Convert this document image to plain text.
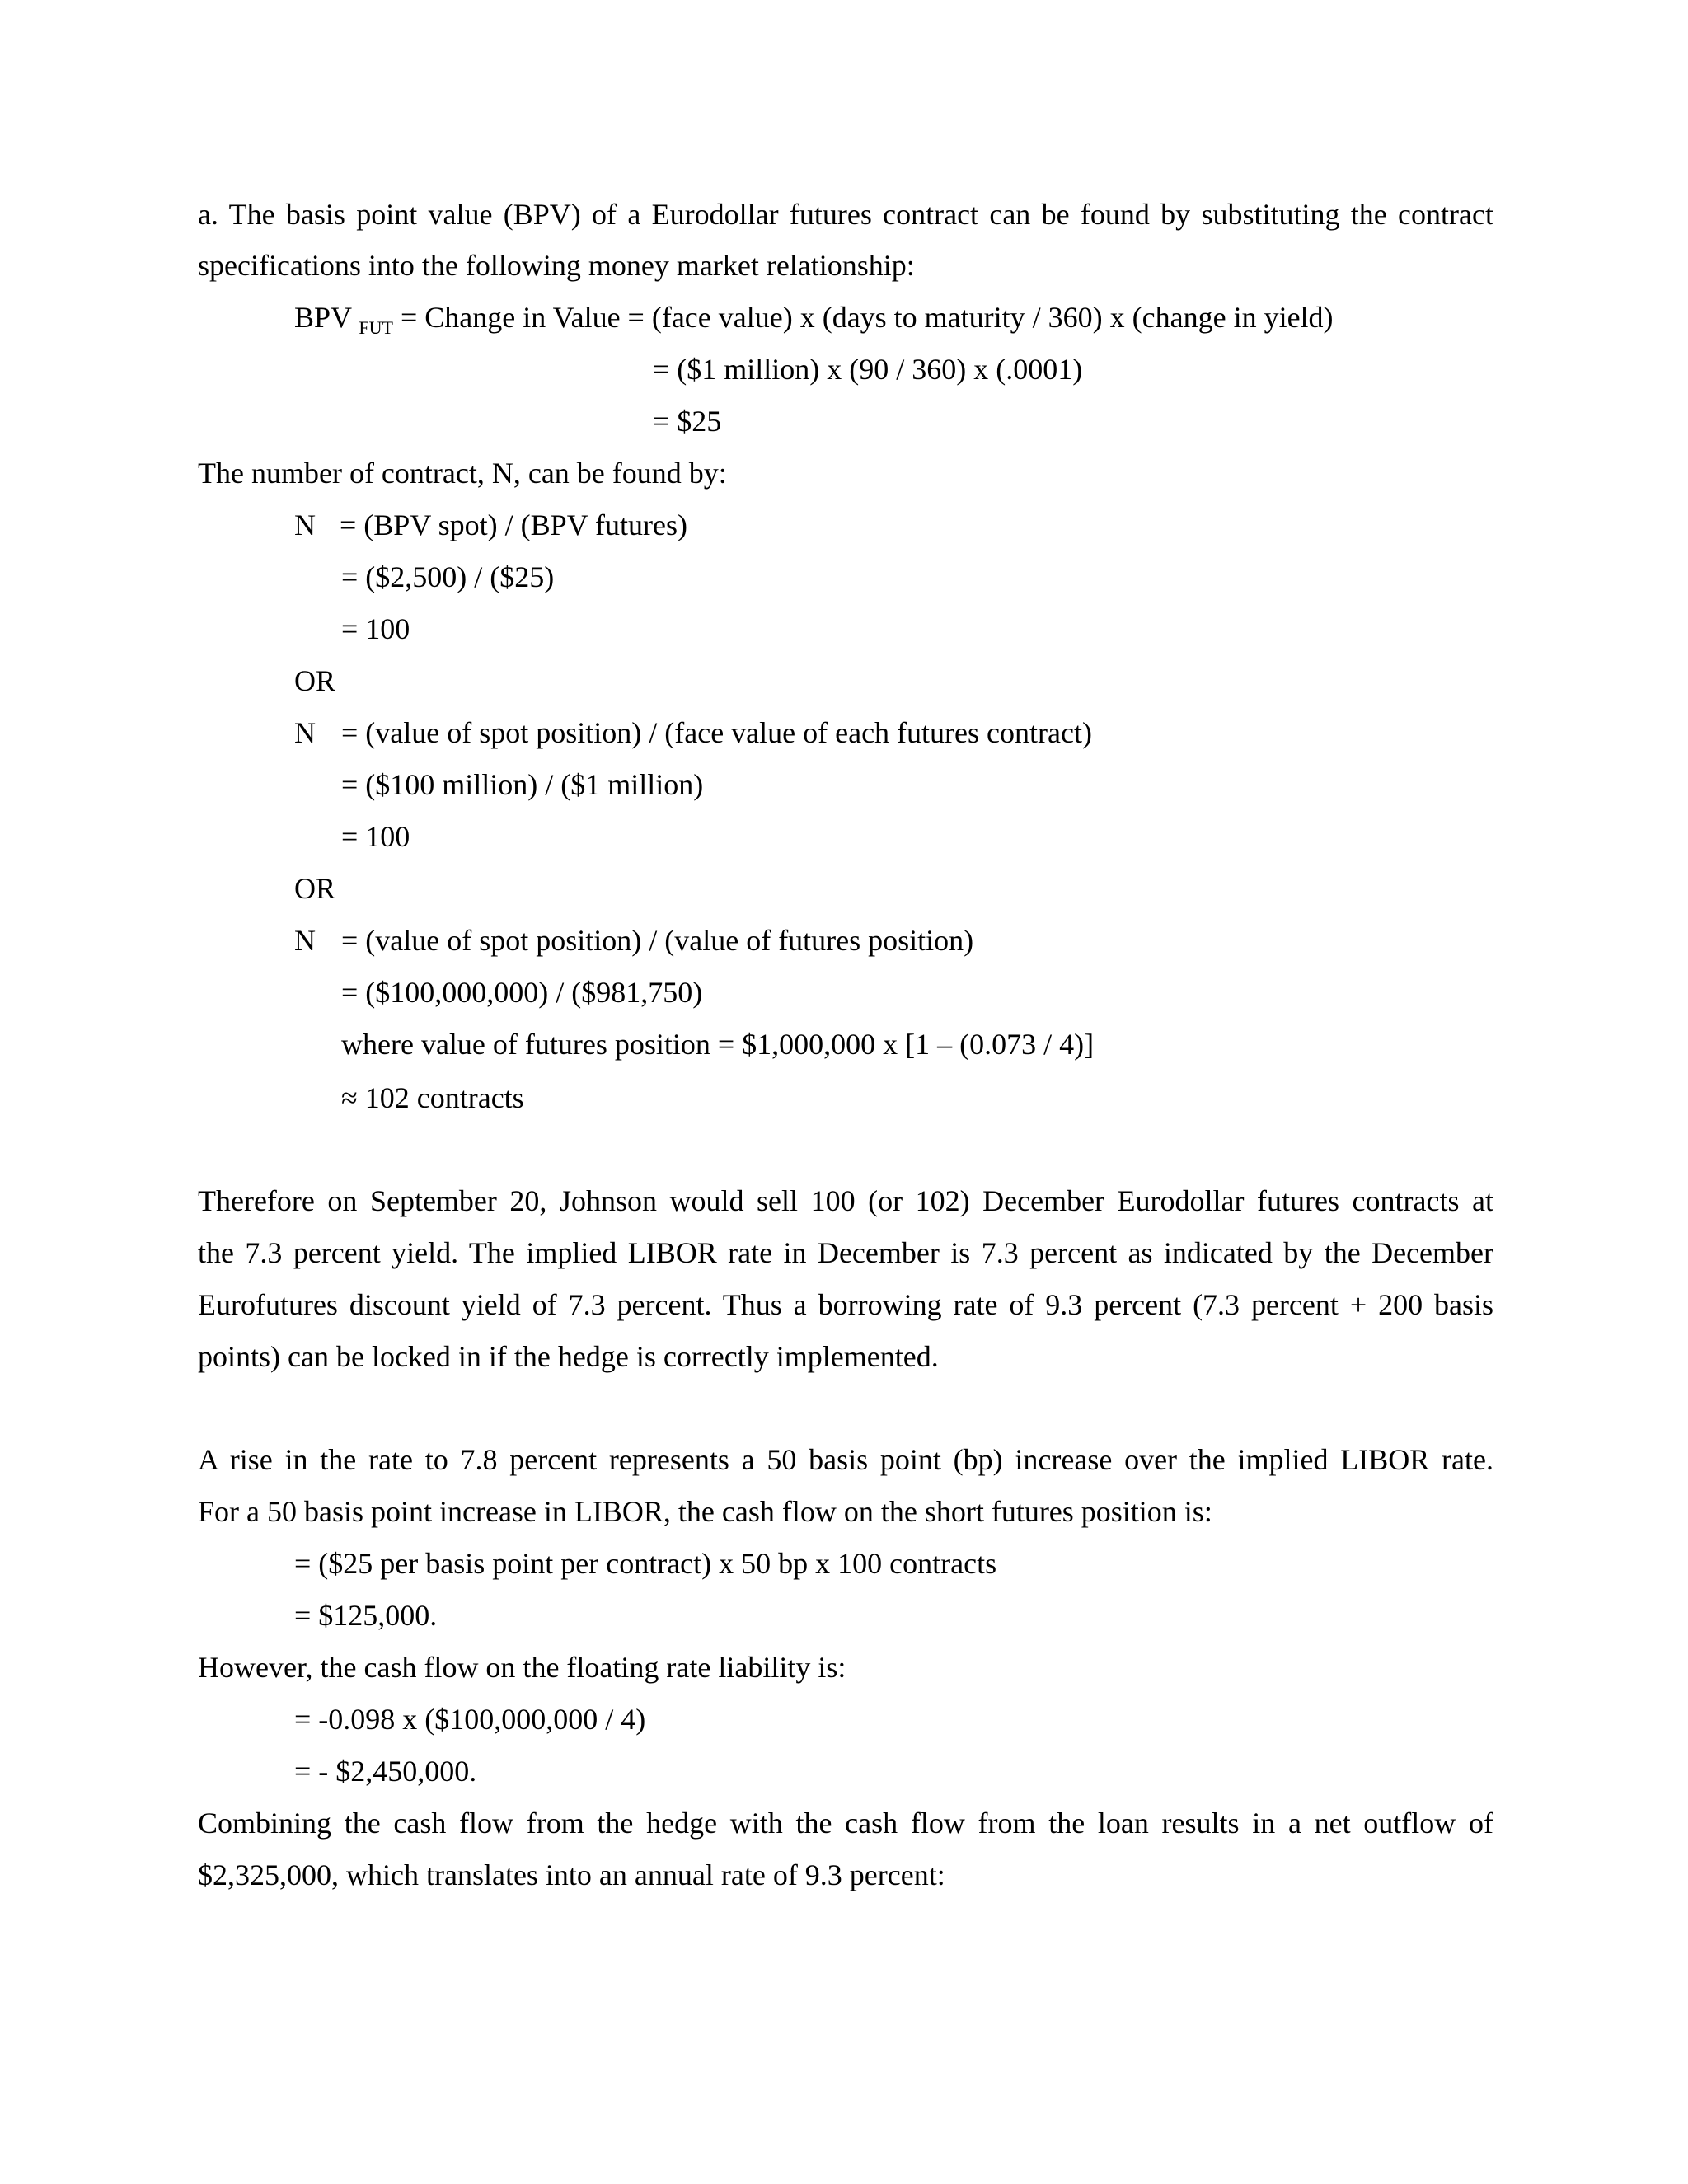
a. The basis point value (BPV) of a Eurodollar futures contract can be found by substituting the contract
specifications into the following money market relationship:
BPV $_{FUT}$ = Change in Value = (face value) x (days to maturity / 360) x (change in yield)
= ($1 million) x (90 / 360) x (.0001)
= $25
The number of contract, N, can be found by:
N = (BPV spot) / (BPV futures)
= ($2,500) / ($25)
= 100
OR
N = (value of spot position) / (face value of each futures contract)
= ($100 million) / ($1 million)
= 100
OR
N = (value of spot position) / (value of futures position)
= ($100,000,000) / ($981,750)
where value of futures position = $1,000,000 x [1 – (0.073 / 4)]
≈ 102 contracts
Therefore on September 20, Johnson would sell 100 (or 102) December Eurodollar futures contracts at
the 7.3 percent yield. The implied LIBOR rate in December is 7.3 percent as indicated by the December
Eurofutures discount yield of 7.3 percent. Thus a borrowing rate of 9.3 percent (7.3 percent + 200 basis
points) can be locked in if the hedge is correctly implemented.
A rise in the rate to 7.8 percent represents a 50 basis point (bp) increase over the implied LIBOR rate.
For a 50 basis point increase in LIBOR, the cash flow on the short futures position is:
= ($25 per basis point per contract) x 50 bp x 100 contracts
= $125,000.
However, the cash flow on the floating rate liability is:
= -0.098 x ($100,000,000 / 4)
= - $2,450,000.
Combining the cash flow from the hedge with the cash flow from the loan results in a net outflow of
$2,325,000, which translates into an annual rate of 9.3 percent:
